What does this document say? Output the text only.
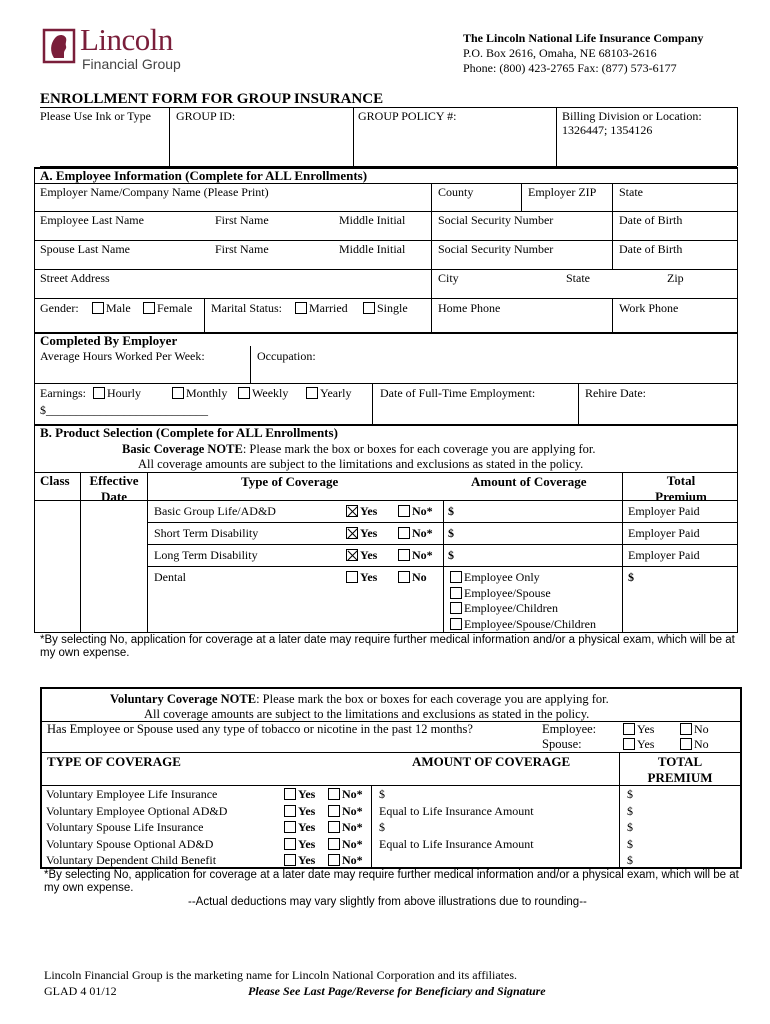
Lincoln
Financial Group
The Lincoln National Life Insurance Company
P.O. Box 2616, Omaha, NE 68103-2616
Phone: (800) 423-2765 Fax: (877) 573-6177
ENROLLMENT FORM FOR GROUP INSURANCE
Please Use Ink or Type GROUP ID:	GROUP POLICY #:	Billing Division or Location:
1326447; 1354126
A. Employee Information (Complete for ALL Enrollments)
Employer Name/Company Name (Please Print)	County	Employer ZIP State
Employee Last Name	First Name	Middle Initial	Social Security Number	Date of Birth
Spouse Last Name	First Name	Middle Initial	Social Security Number	Date of Birth
Street Address	City	State	Zip
Gender:	Male	Female Marital Status:	Married	Single	Home Phone	Work Phone
Completed By Employer
Average Hours Worked Per Week:	Occupation:
Earnings:	Hourly	Monthly	Weekly	Yearly
$___________________________
Date of Full-Time Employment:	Rehire Date:
B. Product Selection (Complete for ALL Enrollments)
Basic Coverage NOTE: Please mark the box or boxes for each coverage you are applying for.
All coverage amounts are subject to the limitations and exclusions as stated in the policy.
Class	Effective
Date
Type of Coverage	Amount of Coverage	Total
Premium
Basic Group Life/AD&D	Yes	No* $	Employer Paid
Short Term Disability	Yes	No* $	Employer Paid
Long Term Disability	Yes	No* $	Employer Paid
Dental	Yes	No	Employee Only
Employee/Spouse
Employee/Children
Employee/Spouse/Children
$
*By selecting No, application for coverage at a later date may require further medical information and/or a physical exam, which will be at my own expense.
Voluntary Coverage NOTE: Please mark the box or boxes for each coverage you are applying for.
All coverage amounts are subject to the limitations and exclusions as stated in the policy.
Has Employee or Spouse used any type of tobacco or nicotine in the past 12 months?	Employee:	Yes	No
Spouse:	Yes	No
TYPE OF COVERAGE	AMOUNT OF COVERAGE	TOTAL
PREMIUM
Voluntary Employee Life Insurance	Yes	No* $	$
Voluntary Employee Optional AD&D	Yes	No* Equal to Life Insurance Amount	$
Voluntary Spouse Life Insurance	Yes	No* $	$
Voluntary Spouse Optional AD&D	Yes	No* Equal to Life Insurance Amount	$
Voluntary Dependent Child Benefit	Yes	No*	$
*By selecting No, application for coverage at a later date may require further medical information and/or a physical exam, which will be at my own expense.
--Actual deductions may vary slightly from above illustrations due to rounding--
Lincoln Financial Group is the marketing name for Lincoln National Corporation and its affiliates.
GLAD 4 01/12	Please See Last Page/Reverse for Beneficiary and Signature
